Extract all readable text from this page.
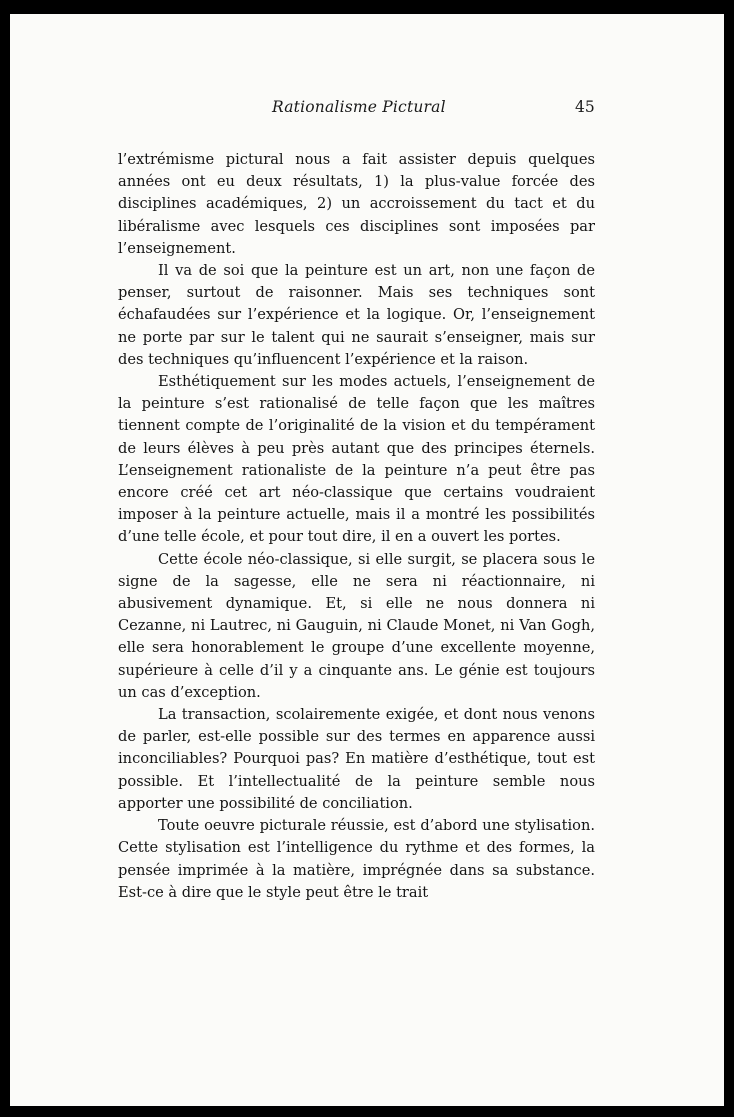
Rationalisme Pictural	45

l’extrémisme pictural nous a fait assister depuis quelques années ont eu deux résultats, 1) la plus-value forcée des disciplines académiques, 2) un accroissement du tact et du libéralisme avec lesquels ces disciplines sont imposées par l’enseignement.

Il va de soi que la peinture est un art, non une façon de penser, surtout de raisonner. Mais ses techniques sont échafaudées sur l’expérience et la logique. Or, l’enseignement ne porte par sur le talent qui ne saurait s’enseigner, mais sur des techniques qu’influencent l’expérience et la raison.

Esthétiquement sur les modes actuels, l’enseignement de la peinture s’est rationalisé de telle façon que les maîtres tiennent compte de l’originalité de la vision et du tempérament de leurs élèves à peu près autant que des principes éternels. L’enseignement rationaliste de la peinture n’a peut être pas encore créé cet art néo-classique que certains voudraient imposer à la peinture actuelle, mais il a montré les possibilités d’une telle école, et pour tout dire, il en a ouvert les portes.

Cette école néo-classique, si elle surgit, se placera sous le signe de la sagesse, elle ne sera ni réactionnaire, ni abusivement dynamique. Et, si elle ne nous donnera ni Cezanne, ni Lautrec, ni Gauguin, ni Claude Monet, ni Van Gogh, elle sera honorablement le groupe d’une excellente moyenne, supérieure à celle d’il y a cinquante ans. Le génie est toujours un cas d’exception.

La transaction, scolairemente exigée, et dont nous venons de parler, est-elle possible sur des termes en apparence aussi inconciliables? Pourquoi pas? En matière d’esthétique, tout est possible. Et l’intellectualité de la peinture semble nous apporter une possibilité de conciliation.

Toute oeuvre picturale réussie, est d’abord une stylisation. Cette stylisation est l’intelligence du rythme et des formes, la pensée imprimée à la matière, imprégnée dans sa substance. Est-ce à dire que le style peut être le trait
